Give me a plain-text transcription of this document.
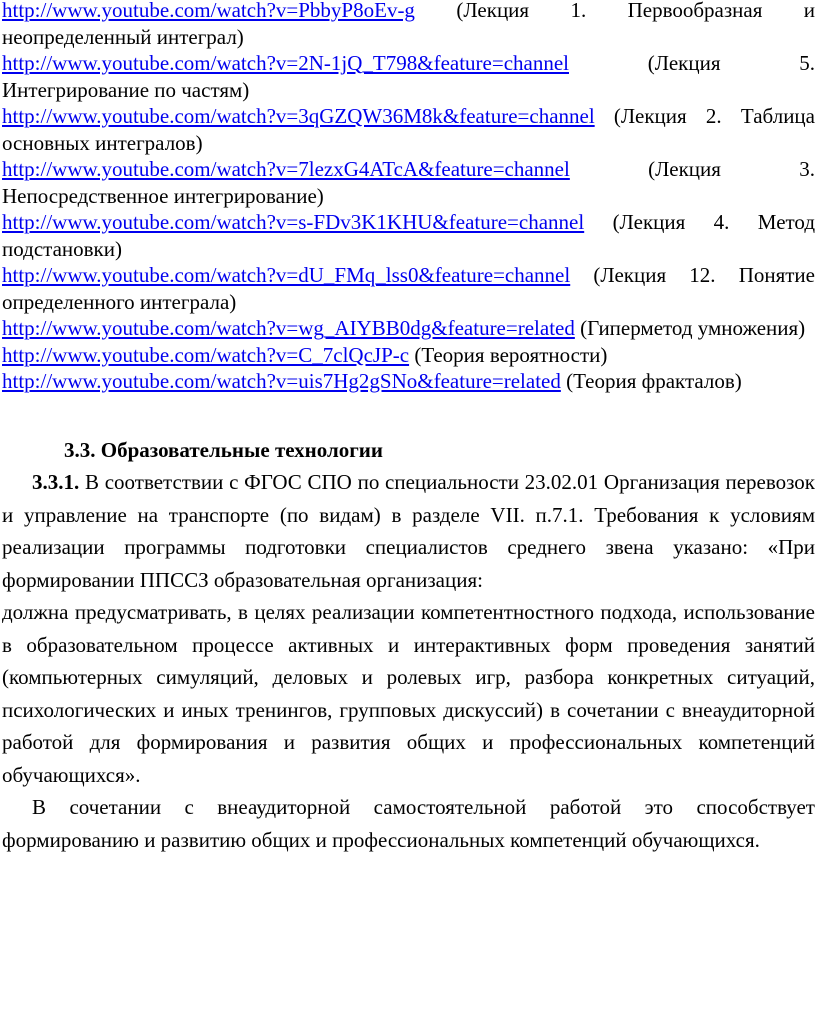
http://www.youtube.com/watch?v=PbbyP8oEv-g (Лекция 1. Первообразная и неопределенный интеграл)

http://www.youtube.com/watch?v=2N-1jQ_T798&feature=channel	(Лекция 5. Интегрирование по частям)

http://www.youtube.com/watch?v=3qGZQW36M8k&feature=channel (Лекция 2. Таблица основных интегралов)

http://www.youtube.com/watch?v=7lezxG4ATcA&feature=channel	(Лекция 3. Непосредственное интегрирование)

http://www.youtube.com/watch?v=s-FDv3K1KHU&feature=channel (Лекция 4. Метод подстановки)

http://www.youtube.com/watch?v=dU_FMq_lss0&feature=channel (Лекция 12. Понятие определенного интеграла)

http://www.youtube.com/watch?v=wg_AIYBB0dg&feature=related (Гиперметод умножения)

http://www.youtube.com/watch?v=C_7clQcJP-c (Теория вероятности)

http://www.youtube.com/watch?v=uis7Hg2gSNo&feature=related (Теория фракталов)

3.3. Образовательные технологии

3.3.1. В соответствии с ФГОС СПО по специальности 23.02.01 Организация перевозок и управление на транспорте (по видам) в разделе VII. п.7.1. Требования к условиям реализации программы подготовки специалистов среднего звена указано: «При формировании ППССЗ образовательная организация:

должна предусматривать, в целях реализации компетентностного подхода, использование в образовательном процессе активных и интерактивных форм проведения занятий (компьютерных симуляций, деловых и ролевых игр, разбора конкретных ситуаций, психологических и иных тренингов, групповых дискуссий) в сочетании с внеаудиторной работой для формирования и развития общих и профессиональных компетенций обучающихся».

В сочетании с внеаудиторной самостоятельной работой это способствует формированию и развитию общих и профессиональных компетенций обучающихся.
